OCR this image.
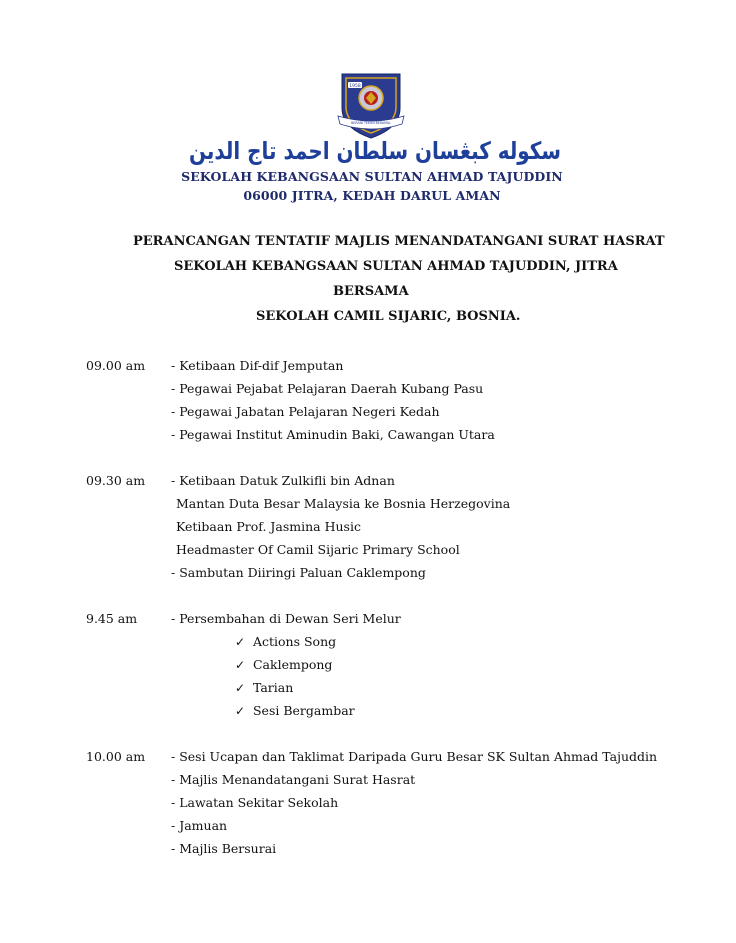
1958
BERANI TEKUN BERAMAL
سکوله کبڠسان سلطان احمد تاج الدين
SEKOLAH KEBANGSAAN SULTAN AHMAD TAJUDDIN
06000 JITRA, KEDAH DARUL AMAN
PERANCANGAN TENTATIF MAJLIS MENANDATANGANI SURAT HASRAT
SEKOLAH KEBANGSAAN SULTAN AHMAD TAJUDDIN, JITRA
BERSAMA
SEKOLAH CAMIL SIJARIC, BOSNIA.
09.00 am - Ketibaan Dif-dif Jemputan
- Pegawai Pejabat Pelajaran Daerah Kubang Pasu
- Pegawai Jabatan Pelajaran Negeri Kedah
- Pegawai Institut Aminudin Baki, Cawangan Utara
09.30 am - Ketibaan Datuk Zulkifli bin Adnan
Mantan Duta Besar Malaysia ke Bosnia Herzegovina
Ketibaan Prof. Jasmina Husic
Headmaster Of Camil Sijaric Primary School
- Sambutan Diiringi Paluan Caklempong
9.45 am	- Persembahan di Dewan Seri Melur
✓ Actions Song
✓ Caklempong
✓ Tarian
✓ Sesi Bergambar
10.00 am - Sesi Ucapan dan Taklimat Daripada Guru Besar SK Sultan Ahmad Tajuddin
- Majlis Menandatangani Surat Hasrat
- Lawatan Sekitar Sekolah
- Jamuan
- Majlis Bersurai
